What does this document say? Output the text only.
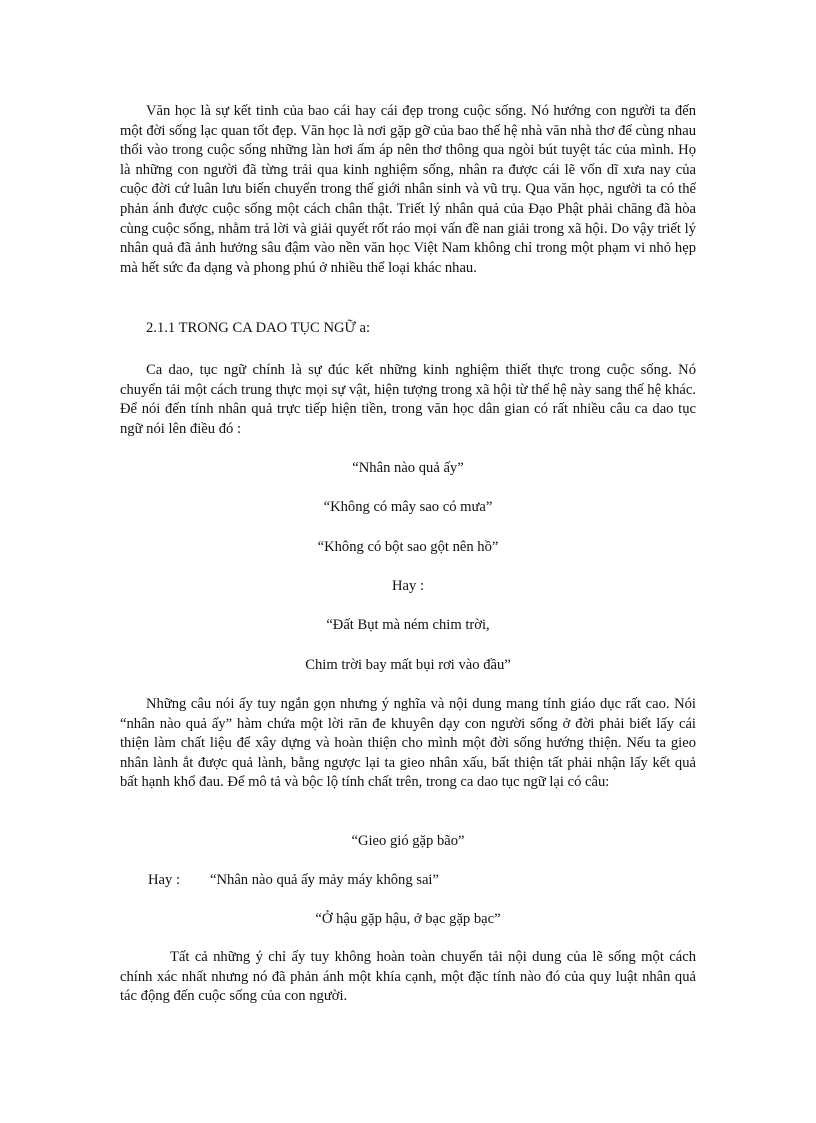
Văn học là sự kết tinh của bao cái hay cái đẹp trong cuộc sống. Nó hướng con người ta đến một đời sống lạc quan tốt đẹp. Văn học là nơi gặp gỡ của bao thế hệ nhà văn nhà thơ để cùng nhau thổi vào trong cuộc sống những làn hơi ấm áp nên thơ thông qua ngòi bút tuyệt tác của mình. Họ là những con người đã từng trải qua kinh nghiệm sống, nhân ra được cái lẽ vốn dĩ xưa nay của cuộc đời cứ luân lưu biến chuyển trong thế giới nhân sinh và vũ trụ. Qua văn học, người ta có thể phản ánh được cuộc sống một cách chân thật. Triết lý nhân quả của Đạo Phật phải chăng đã hòa cùng cuộc sống, nhằm trả lời và giải quyết rốt ráo mọi vấn đề nan giải trong xã hội. Do vậy triết lý nhân quả đã ảnh hưởng sâu đậm vào nền văn học Việt Nam không chỉ trong một phạm vi nhỏ hẹp mà hết sức đa dạng và phong phú ở nhiều thể loại khác nhau.

2.1.1 TRONG CA DAO TỤC NGỮ a:

Ca dao, tục ngữ chính là sự đúc kết những kinh nghiệm thiết thực trong cuộc sống. Nó chuyển tải một cách trung thực mọi sự vật, hiện tượng trong xã hội từ thế hệ này sang thế hệ khác. Để nói đến tính nhân quả trực tiếp hiện tiền, trong văn học dân gian có rất nhiều câu ca dao tục ngữ nói lên điều đó :

“Nhân nào quả ấy”

“Không có mây sao có mưa”

“Không có bột sao gột nên hồ”

Hay :

“Đất Bụt mà ném chim trời,

Chim trời bay mất bụi rơi vào đầu”

Những câu nói ấy tuy ngắn gọn nhưng ý nghĩa và nội dung mang tính giáo dục rất cao. Nói “nhân nào quả ấy” hàm chứa một lời răn đe khuyên dạy con người sống ở đời phải biết lấy cái thiện làm chất liệu để xây dựng và hoàn thiện cho mình một đời sống hướng thiện. Nếu ta gieo nhân lành ắt được quả lành, bằng ngược lại ta gieo nhân xấu, bất thiện tất phải nhận lấy kết quả bất hạnh khổ đau. Để mô tả và bộc lộ tính chất trên, trong ca dao tục ngữ lại có câu:

“Gieo gió gặp bão”

Hay : “Nhân nào quả ấy mảy máy không sai”

“Ở hậu gặp hậu, ở bạc gặp bạc”

Tất cả những ý chỉ ấy tuy không hoàn toàn chuyển tải nội dung của lẽ sống một cách chính xác nhất nhưng nó đã phản ánh một khía cạnh, một đặc tính nào đó của quy luật nhân quả tác động đến cuộc sống của con người.
